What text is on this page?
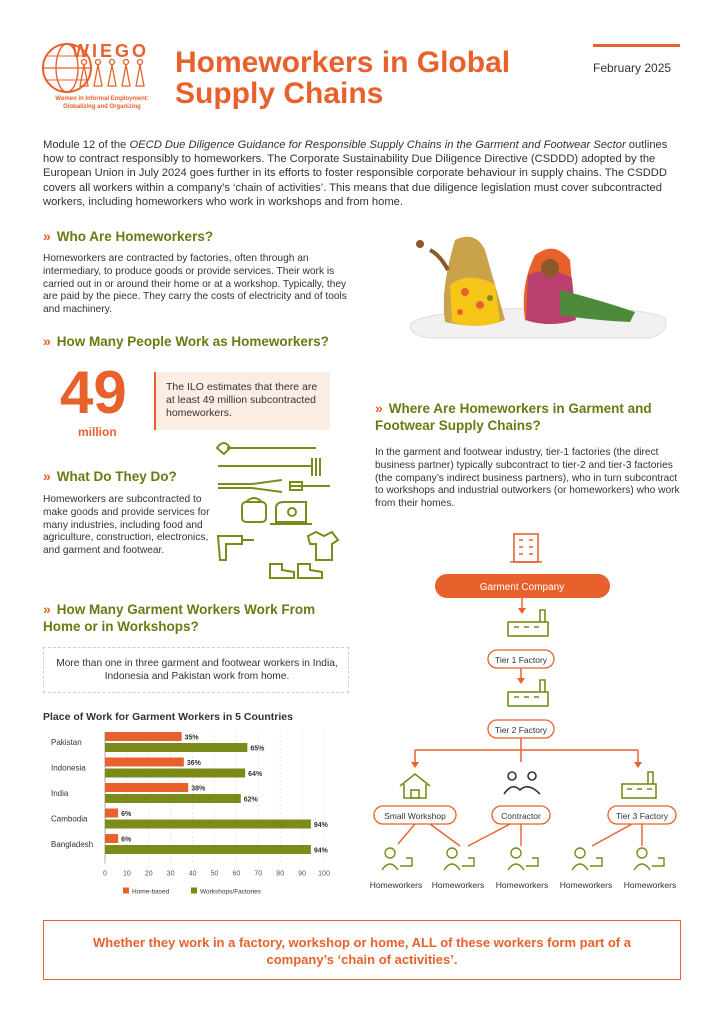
WIEGO
Women in Informal Employment:
Globalizing and Organizing
Homeworkers in Global Supply Chains
February 2025
Module 12 of the OECD Due Diligence Guidance for Responsible Supply Chains in the Garment and Footwear Sector outlines how to contract responsibly to homeworkers. The Corporate Sustainability Due Diligence Directive (CSDDD) adopted by the European Union in July 2024 goes further in its efforts to foster responsible corporate behaviour in supply chains. The CSDDD covers all workers within a company’s ‘chain of activities’. This means that due diligence legislation must cover subcontracted workers, including homeworkers who work in workshops and from home.
» Who Are Homeworkers?
Homeworkers are contracted by factories, often through an intermediary, to produce goods or provide services. Their work is carried out in or around their home or at a workshop. Typically, they are paid by the piece. They carry the costs of electricity and of tools and machinery.
» How Many People Work as Homeworkers?
49
million
The ILO estimates that there are at least 49 million subcontracted homeworkers.
» What Do They Do?
Homeworkers are subcontracted to make goods and provide services for many industries, including food and agriculture, construction, electronics, and garment and footwear.
» How Many Garment Workers Work From Home or in Workshops?
More than one in three garment and footwear workers in India, Indonesia and Pakistan work from home.
Place of Work for Garment Workers in 5 Countries
0 10 20 30 40 50 60 70 80 90 100
Pakistan	35%
65%
Indonesia	36%
64%
India	38%
62%
Cambodia	6%
94%
Bangladesh	6%
94%
Home-based	Workshops/Factories
» Where Are Homeworkers in Garment and Footwear Supply Chains?
In the garment and footwear industry, tier-1 factories (the direct business partner) typically subcontract to tier-2 and tier-3 factories (the company’s indirect business partners), who in turn subcontract to workshops and industrial outworkers (or homeworkers) who work from their homes.
Garment Company
Tier 1 Factory
Tier 2 Factory
Small Workshop	Contractor	Tier 3 Factory
Homeworkers Homeworkers Homeworkers Homeworkers Homeworkers
Whether they work in a factory, workshop or home, ALL of these workers form part of a company’s ‘chain of activities’.
